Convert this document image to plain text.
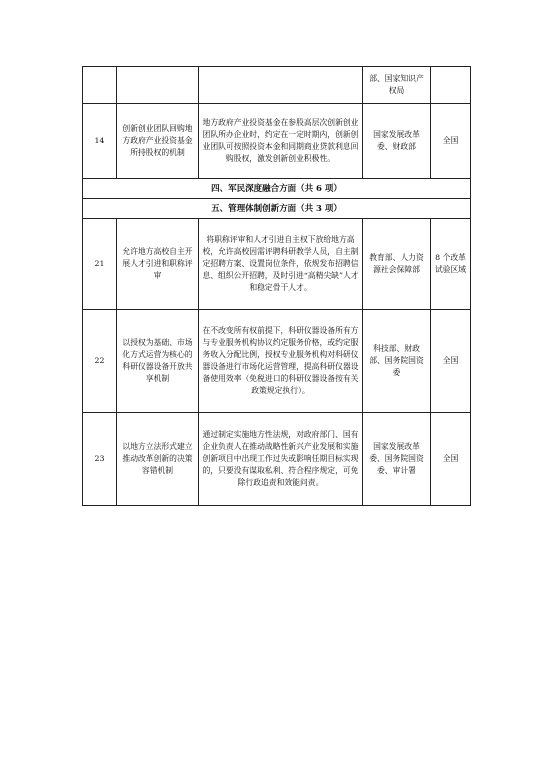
			部、国家知识产权局	
14	创新创业团队回购地方政府产业投资基金所持股权的机制	地方政府产业投资基金在参股高层次创新创业团队所办企业时，约定在一定时期内，创新创业团队可按照投资本金和同期商业贷款利息回购股权，激发创新创业积极性。	国家发展改革委、财政部	全国
四、军民深度融合方面（共 6 项）				
五、管理体制创新方面（共 3 项）				
21	允许地方高校自主开展人才引进和职称评审	将职称评审和人才引进自主权下放给地方高校，允许高校因需评聘科研教学人员，自主制定招聘方案、设置岗位条件，依规发布招聘信息、组织公开招聘，及时引进“高精尖缺”人才和稳定骨干人才。	教育部、人力资源社会保障部	8 个改革试验区域
22	以授权为基础、市场化方式运营为核心的科研仪器设备开放共享机制	在不改变所有权前提下，科研仪器设备所有方与专业服务机构协议约定服务价格，或约定服务收入分配比例，授权专业服务机构对科研仪器设备进行市场化运营管理，提高科研仪器设备使用效率（免税进口的科研仪器设备按有关政策规定执行）。	科技部、财政部、国务院国资委	全国
23	以地方立法形式建立推动改革创新的决策容错机制	通过制定实施地方性法规，对政府部门、国有企业负责人在推动战略性新兴产业发展和实施创新项目中出现工作过失或影响任期目标实现的，只要没有谋取私利、符合程序规定，可免除行政追责和效能问责。	国家发展改革委、国务院国资委、审计署	全国
